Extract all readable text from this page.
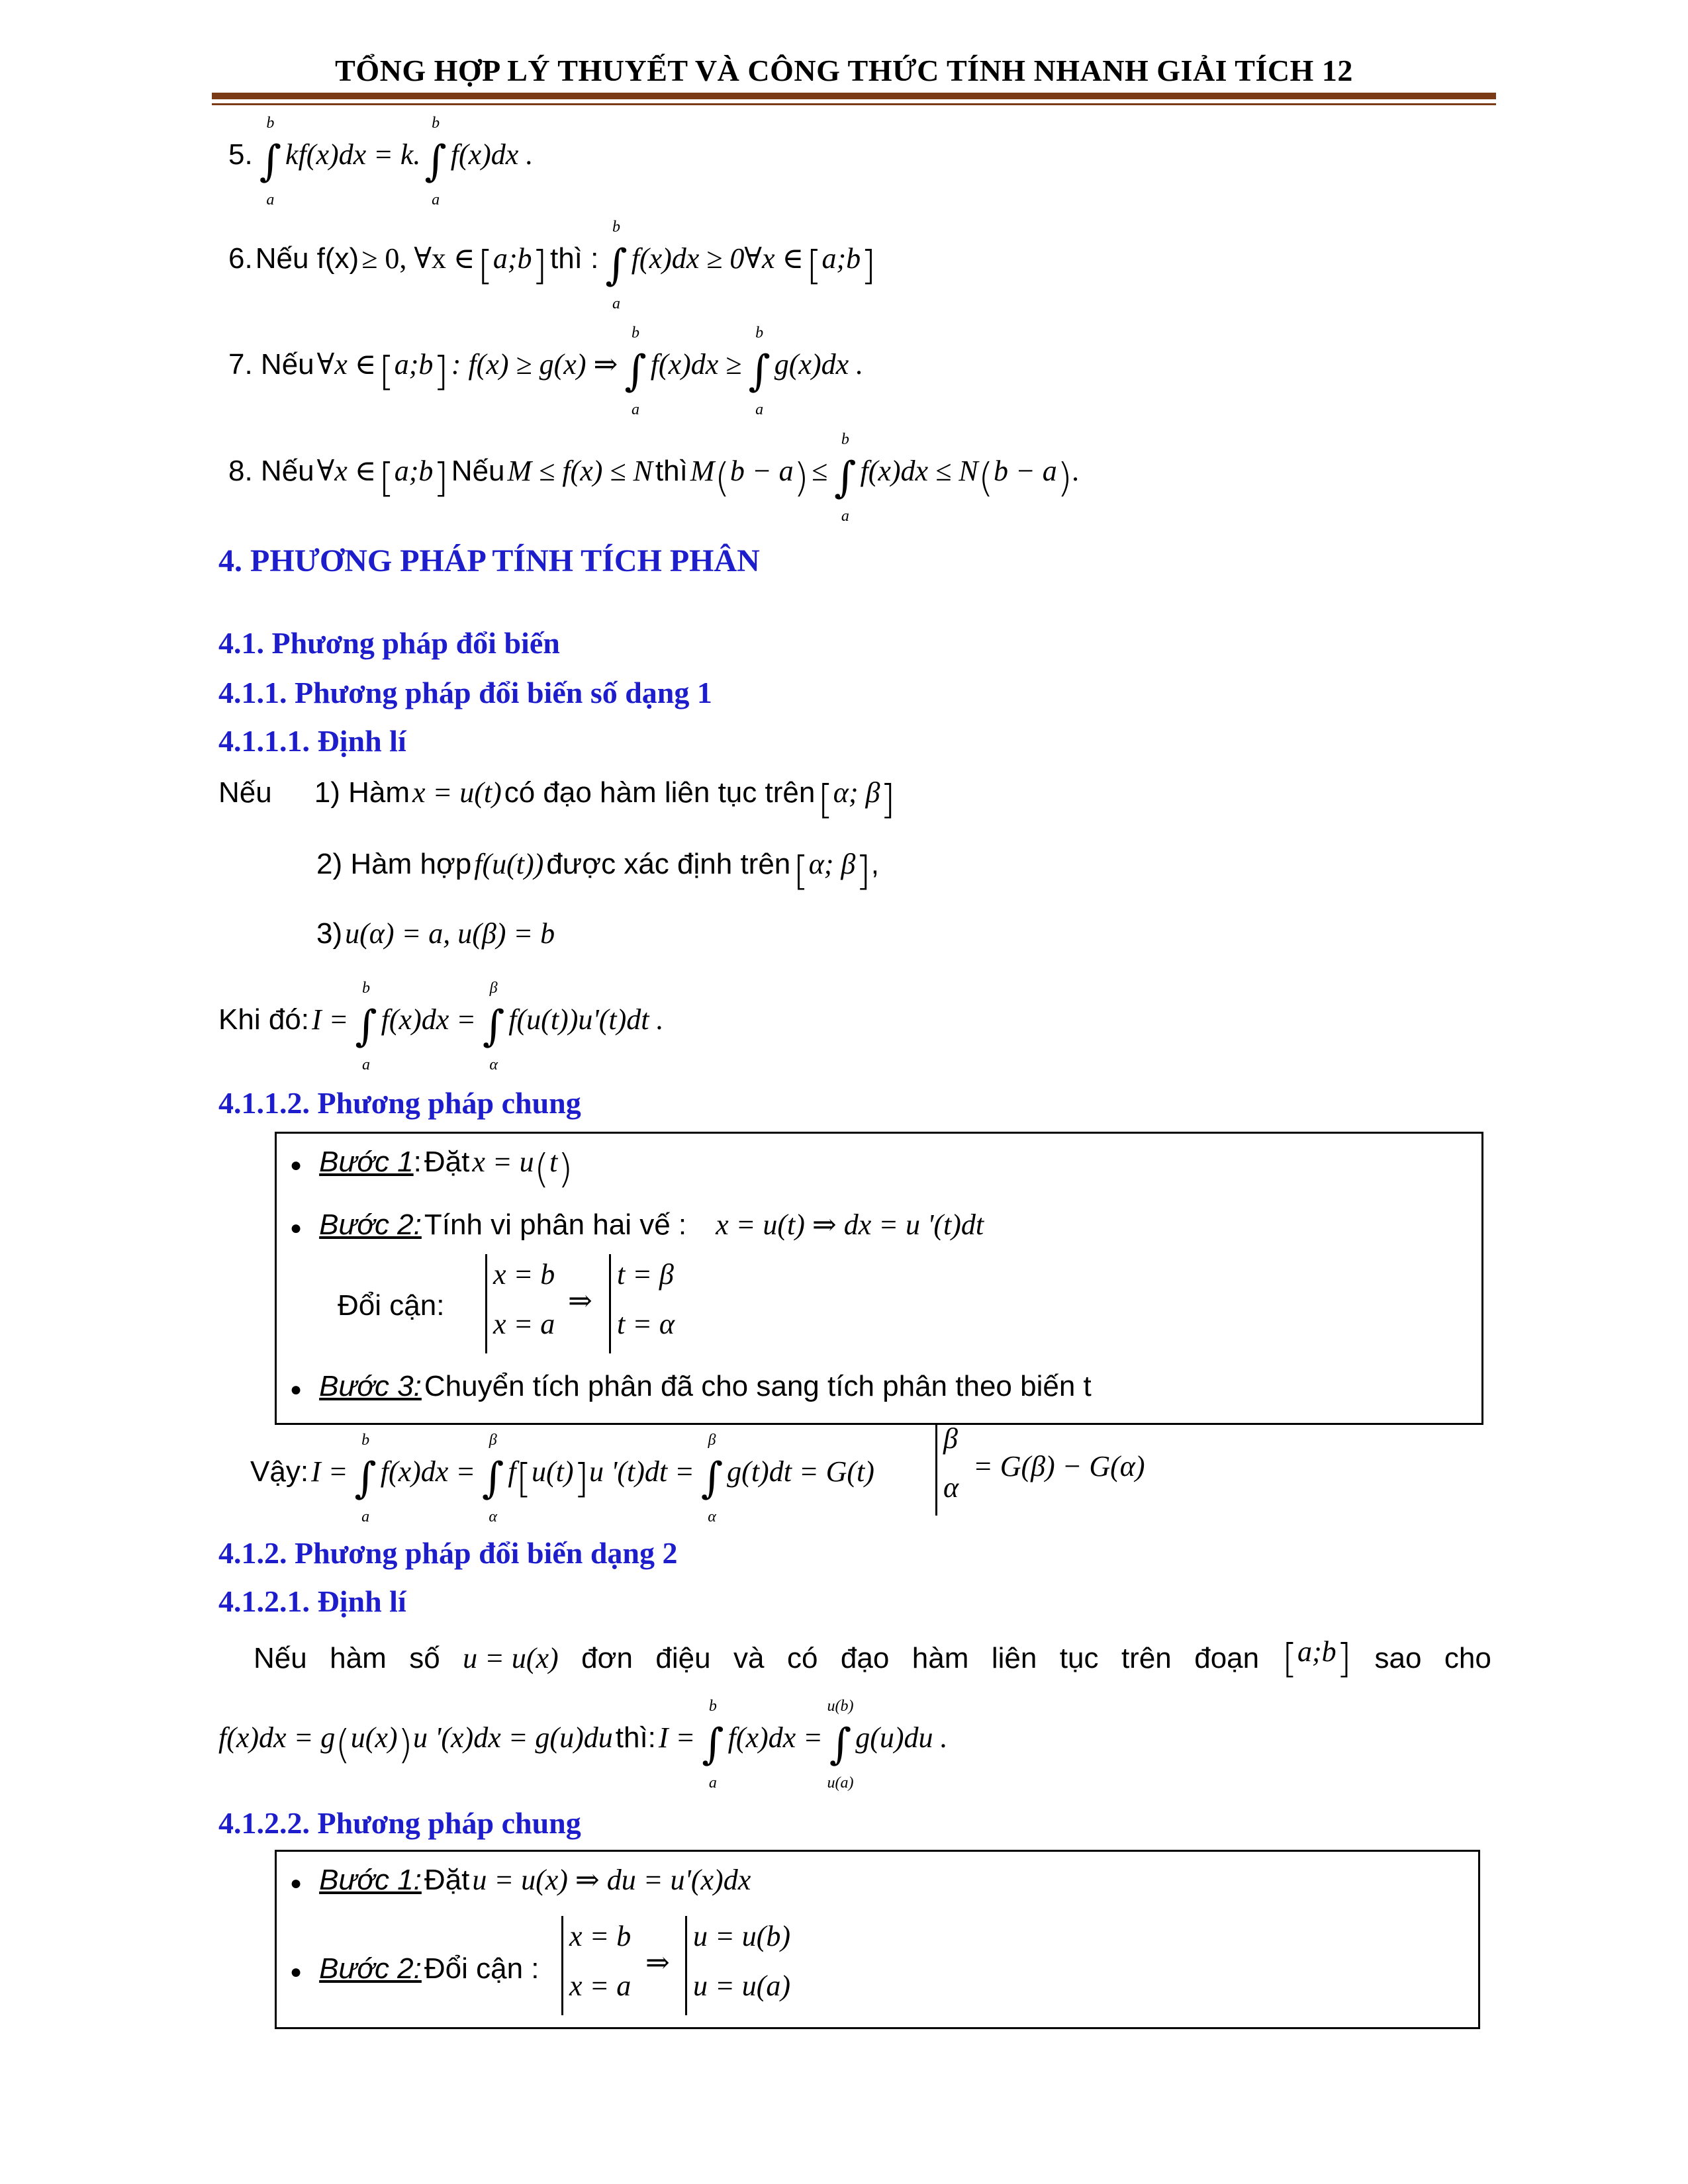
TỔNG HỢP LÝ THUYẾT VÀ CÔNG THỨC TÍNH NHANH GIẢI TÍCH 12
5. ∫
b
a
kf(x)dx = k.∫
b
a
f(x)dx .
6. Nếu f(x) ≥ 0, ∀x ∈ [a;b] thì : ∫
b
a
f(x)dx ≥ 0∀x ∈ [a;b]
7. Nếu ∀x ∈ [a;b] : f(x) ≥ g(x) ⇒ ∫
b
a
f(x)dx ≥ ∫
b
a
g(x)dx .
8. Nếu ∀x ∈ [a;b] Nếu M ≤ f(x) ≤ N thì M(b − a) ≤ ∫
b
a
f(x)dx ≤ N(b − a).
4. PHƯƠNG PHÁP TÍNH TÍCH PHÂN
4.1. Phương pháp đổi biến
4.1.1. Phương pháp đổi biến số dạng 1
4.1.1.1. Định lí
Nếu 1) Hàm x = u(t) có đạo hàm liên tục trên [α; β]
2) Hàm hợp f(u(t)) được xác định trên [α; β],
3) u(α) = a, u(β) = b
Khi đó: I = ∫
b
a
f(x)dx = ∫
β
α
f(u(t))u'(t)dt .
4.1.1.2. Phương pháp chung
● Bước 1: Đặt x = u(t)
● Bước 2: Tính vi phân hai vế : x = u(t) ⇒ dx = u '(t)dt
Đổi cận:
x = b
x = a
⇒
t = β
t = α
● Bước 3: Chuyển tích phân đã cho sang tích phân theo biến t
Vậy: I = ∫
b
a
f(x)dx = ∫
β
α
f[u(t)]u '(t)dt = ∫
β
α
g(t)dt = G(t)
β
α
= G(β) − G(α)
4.1.2. Phương pháp đổi biến dạng 2
4.1.2.1. Định lí
Nếu hàm số u = u(x) đơn điệu và có đạo hàm liên tục trên đoạn [a;b] sao cho
f(x)dx = g(u(x))u '(x)dx = g(u)du thì: I = ∫
b
a
f(x)dx = ∫
u(b)
u(a)
g(u)du .
4.1.2.2. Phương pháp chung
● Bước 1: Đặt u = u(x) ⇒ du = u'(x)dx
● Bước 2: Đổi cận :
x = b
x = a
⇒
u = u(b)
u = u(a)
